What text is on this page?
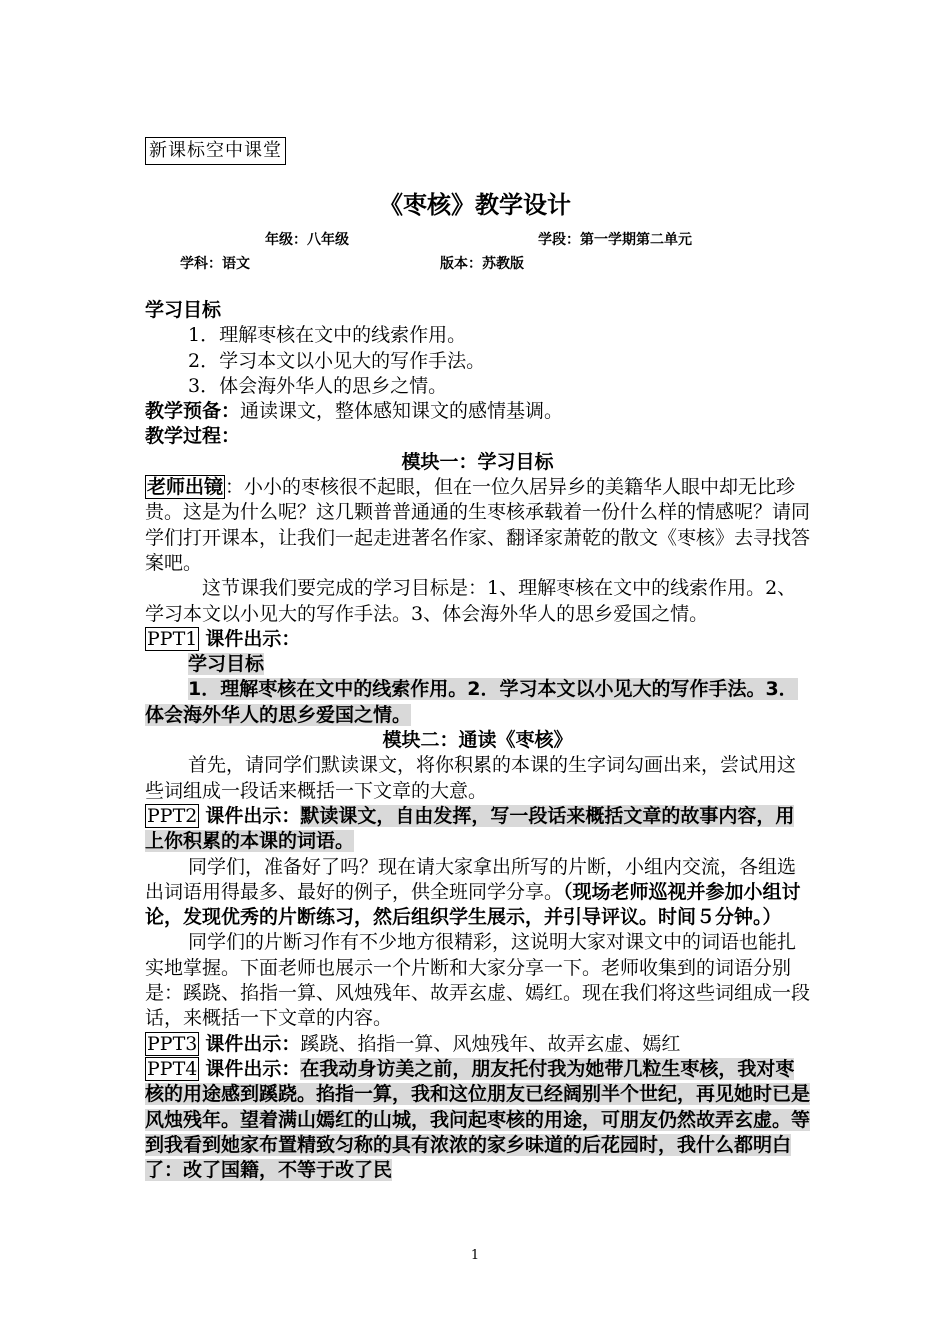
新课标空中课堂
《枣核》教学设计
年级：八年级	学段：第一学期第二单元
学科：语文	版本：苏教版

学习目标

1．理解枣核在文中的线索作用。

2．学习本文以小见大的写作手法。

3．体会海外华人的思乡之情。

教学预备：通读课文，整体感知课文的感情基调。

教学过程：

模块一：学习目标

老师出镜 ：小小的枣核很不起眼，但在一位久居异乡的美籍华人眼中却无比珍贵。这是为什么呢？这几颗普普通通的生枣核承载着一份什么样的情感呢？请同学们打开课本，让我们一起走进著名作家、翻译家萧乾的散文《枣核》去寻找答案吧。

这节课我们要完成的学习目标是：1、理解枣核在文中的线索作用。2、学习本文以小见大的写作手法。3、体会海外华人的思乡爱国之情。

PPT1 课件出示：

学习目标

1．理解枣核在文中的线索作用。2．学习本文以小见大的写作手法。3．体会海外华人的思乡爱国之情。

模块二：通读《枣核》

首先，请同学们默读课文，将你积累的本课的生字词勾画出来，尝试用这些词组成一段话来概括一下文章的大意。

PPT2 课件出示：默读课文，自由发挥，写一段话来概括文章的故事内容，用上你积累的本课的词语。

同学们，准备好了吗？现在请大家拿出所写的片断，小组内交流，各组选出词语用得最多、最好的例子，供全班同学分享。（现场老师巡视并参加小组讨论，发现优秀的片断练习，然后组织学生展示，并引导评议。时间５分钟。）

同学们的片断习作有不少地方很精彩，这说明大家对课文中的词语也能扎实地掌握。下面老师也展示一个片断和大家分享一下。老师收集到的词语分别是：蹊跷、掐指一算、风烛残年、故弄玄虚、嫣红。现在我们将这些词组成一段话，来概括一下文章的内容。

PPT3 课件出示：蹊跷、掐指一算、风烛残年、故弄玄虚、嫣红

PPT4 课件出示：在我动身访美之前，朋友托付我为她带几粒生枣核，我对枣核的用途感到蹊跷。掐指一算，我和这位朋友已经阔别半个世纪，再见她时已是风烛残年。望着满山嫣红的山城，我问起枣核的用途，可朋友仍然故弄玄虚。等到我看到她家布置精致匀称的具有浓浓的家乡味道的后花园时，我什么都明白了：改了国籍，不等于改了民

1
